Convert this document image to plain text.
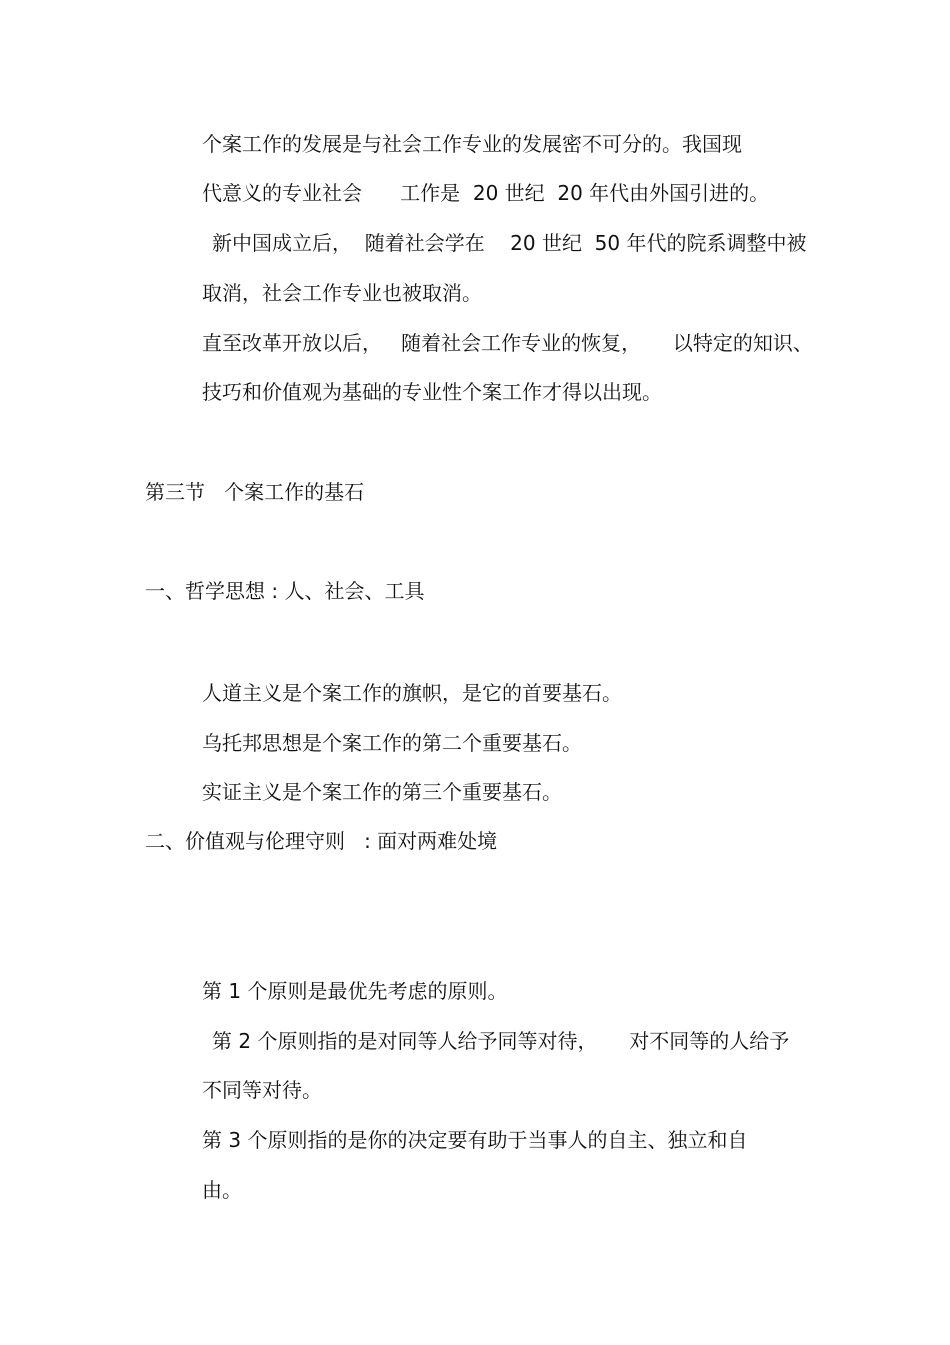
个案工作的发展是与社会工作专业的发展密不可分的。我国现

代意义的专业社会      工作是  20 世纪  20 年代由外国引进的。

新中国成立后，  随着社会学在    20 世纪  50 年代的院系调整中被

取消，社会工作专业也被取消。

直至改革开放以后，   随着社会工作专业的恢复，     以特定的知识、

技巧和价值观为基础的专业性个案工作才得以出现。

第三节   个案工作的基石

一、哲学思想 : 人、社会、工具

人道主义是个案工作的旗帜，是它的首要基石。

乌托邦思想是个案工作的第二个重要基石。

实证主义是个案工作的第三个重要基石。

二、价值观与伦理守则   : 面对两难处境

第 1 个原则是最优先考虑的原则。

第 2 个原则指的是对同等人给予同等对待，     对不同等的人给予

不同等对待。

第 3 个原则指的是你的决定要有助于当事人的自主、独立和自

由。
